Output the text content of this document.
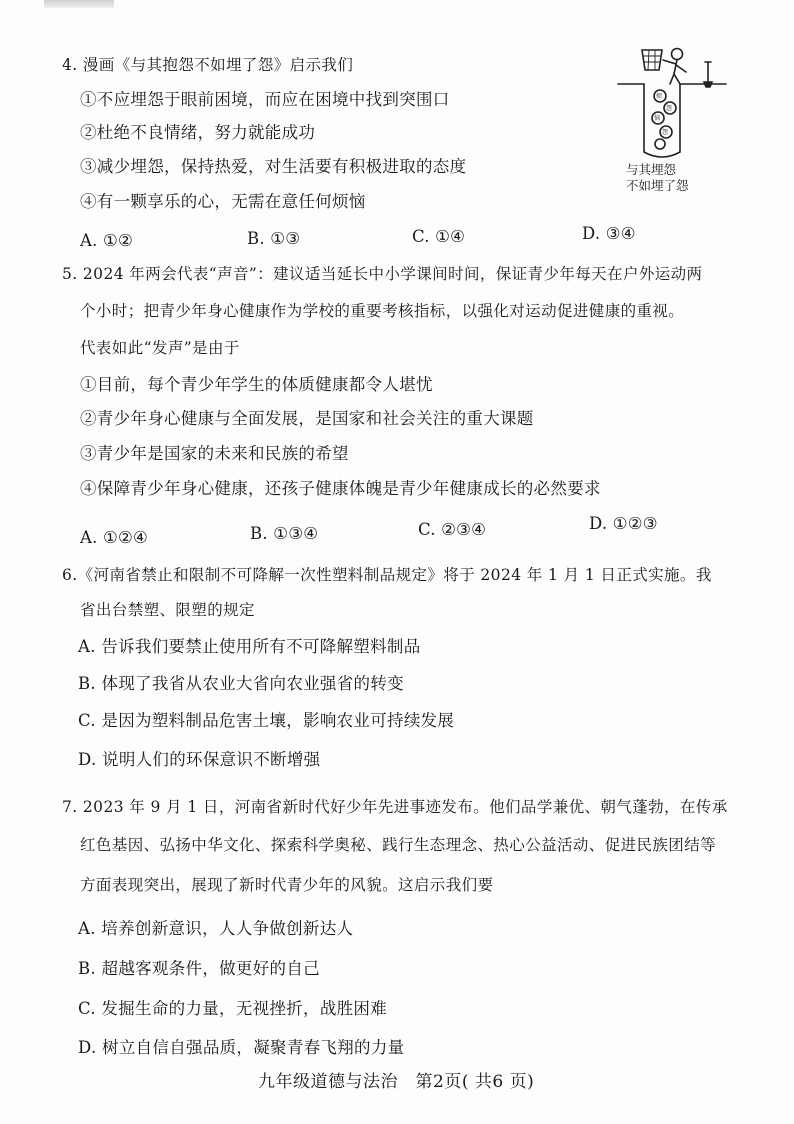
4. 漫画《与其抱怨不如埋了怨》启示我们
①不应埋怨于眼前困境，而应在困境中找到突围口
②杜绝不良情绪，努力就能成功
③减少埋怨，保持热爱，对生活要有积极进取的态度
④有一颗享乐的心，无需在意任何烦恼
A. ①②	B. ①③	C. ①④	D. ③④
烦
怨
恼
怨
与其埋怨
不如埋了怨
5. 2024 年两会代表“声音”：建议适当延长中小学课间时间，保证青少年每天在户外运动两
个小时；把青少年身心健康作为学校的重要考核指标，以强化对运动促进健康的重视。
代表如此“发声”是由于
①目前，每个青少年学生的体质健康都令人堪忧
②青少年身心健康与全面发展，是国家和社会关注的重大课题
③青少年是国家的未来和民族的希望
④保障青少年身心健康，还孩子健康体魄是青少年健康成长的必然要求
A. ①②④	B. ①③④	C. ②③④	D. ①②③
6.《河南省禁止和限制不可降解一次性塑料制品规定》将于 2024 年 1 月 1 日正式实施。我
省出台禁塑、限塑的规定
A. 告诉我们要禁止使用所有不可降解塑料制品
B. 体现了我省从农业大省向农业强省的转变
C. 是因为塑料制品危害土壤，影响农业可持续发展
D. 说明人们的环保意识不断增强
7. 2023 年 9 月 1 日，河南省新时代好少年先进事迹发布。他们品学兼优、朝气蓬勃，在传承
红色基因、弘扬中华文化、探索科学奥秘、践行生态理念、热心公益活动、促进民族团结等
方面表现突出，展现了新时代青少年的风貌。这启示我们要
A. 培养创新意识，人人争做创新达人
B. 超越客观条件，做更好的自己
C. 发掘生命的力量，无视挫折，战胜困难
D. 树立自信自强品质，凝聚青春飞翔的力量
九年级道德与法治　第2页( 共6 页)
